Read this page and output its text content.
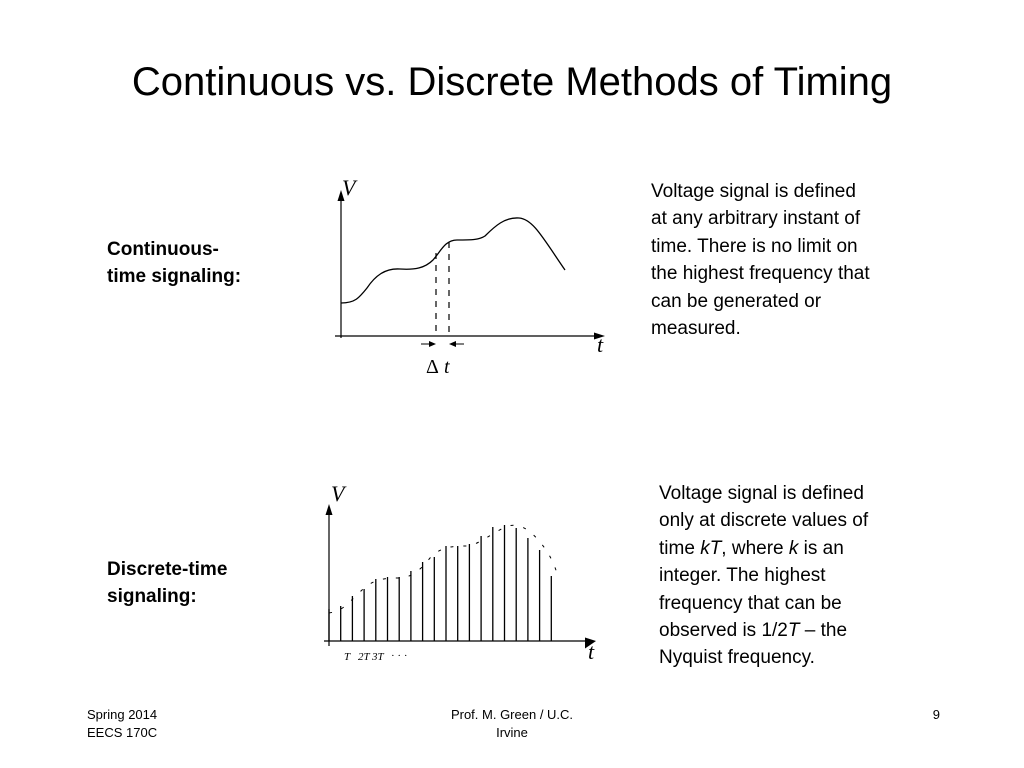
Continuous vs. Discrete Methods of Timing
Continuous-
time signaling:
V
t
Δ t
Voltage signal is defined
at any arbitrary instant of
time. There is no limit on
the highest frequency that
can be generated or
measured.
Discrete-time
signaling:
V
t
T 2T 3T · · ·
Voltage signal is defined
only at discrete values of
time kT, where k is an
integer. The highest
frequency that can be
observed is 1/2T – the
Nyquist frequency.
Spring 2014
EECS 170C
Prof. M. Green / U.C.
Irvine
9
